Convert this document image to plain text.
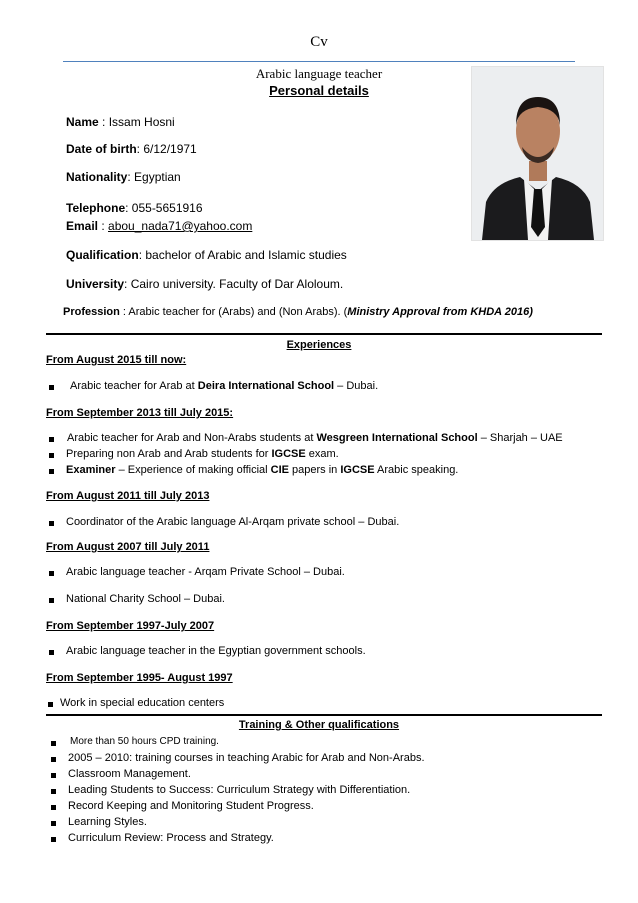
Cv
Arabic language teacher
Personal details
Name : Issam Hosni
Date of birth: 6/12/1971
Nationality: Egyptian
Telephone: 055-5651916
Email : abou_nada71@yahoo.com
Qualification: bachelor of Arabic and Islamic studies
University: Cairo university. Faculty of Dar Aloloum.
Profession : Arabic teacher for (Arabs) and (Non Arabs). (Ministry Approval from KHDA 2016)
Experiences
From August 2015 till now:
Arabic teacher for Arab at Deira International School – Dubai.
From September 2013 till July 2015:
Arabic teacher for Arab and Non-Arabs students at Wesgreen International School – Sharjah – UAE
Preparing non Arab and Arab students for IGCSE exam.
Examiner – Experience of making official CIE papers in IGCSE Arabic speaking.
From August 2011 till July 2013
Coordinator of the Arabic language Al-Arqam private school – Dubai.
From August 2007 till July 2011
Arabic language teacher - Arqam Private School – Dubai.
National Charity School – Dubai.
From September 1997-July 2007
Arabic language teacher in the Egyptian government schools.
From September 1995- August 1997
Work in special education centers
Training & Other qualifications
More than 50 hours CPD training.
2005 – 2010: training courses in teaching Arabic for Arab and Non-Arabs.
Classroom Management.
Leading Students to Success: Curriculum Strategy with Differentiation.
Record Keeping and Monitoring Student Progress.
Learning Styles.
Curriculum Review: Process and Strategy.
